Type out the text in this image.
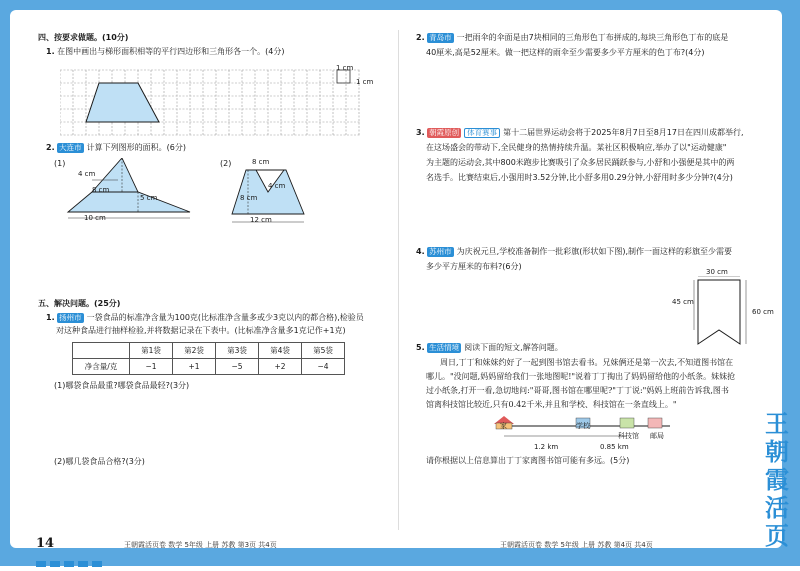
四、按要求做题。(10分)
1. 在图中画出与梯形面积相等的平行四边形和三角形各一个。(4分)
1 cm
1 cm
2. 大连市 计算下列图形的面积。(6分)
(1)
4 cm
8 cm
5 cm
10 cm
(2)	8 cm
4 cm
8 cm
12 cm
五、解决问题。(25分)
1. 扬州市 一袋食品的标准净含量为100克(比标准净含量多或少3克以内的都合格),检验员
对这种食品进行抽样检验,并将数据记录在下表中。(比标准净含量多1克记作+1克)
	第1袋	第2袋	第3袋	第4袋	第5袋
净含量/克	−1	+1	−5	+2	−4
(1)哪袋食品最重?哪袋食品最轻?(3分)
(2)哪几袋食品合格?(3分)
14	王朝霞活页卷 数学 5年级 上册 苏教 第3页 共4页
2. 青岛市 一把雨伞的伞面是由7块相同的三角形色丁布拼成的,每块三角形色丁布的底是
40厘米,高是52厘米。做一把这样的雨伞至少需要多少平方厘米的色丁布?(4分)
3. 朝霞原创 体育赛事 第十二届世界运动会将于2025年8月7日至8月17日在四川成都举行,
在这场盛会的带动下,全民健身的热情持续升温。某社区积极响应,举办了以"运动健康"
为主题的运动会,其中800米跑步比赛吸引了众多居民踊跃参与,小舒和小强便是其中的两
名选手。比赛结束后,小强用时3.52分钟,比小舒多用0.29分钟,小舒用时多少分钟?(4分)
4. 苏州市 为庆祝元旦,学校准备制作一批彩旗(形状如下图),制作一面这样的彩旗至少需要
多少平方厘米的布料?(6分)
30 cm
45 cm
60 cm
5. 生活情境 阅读下面的短文,解答问题。
周日,丁丁和妹妹约好了一起到图书馆去看书。兄妹俩还是第一次去,不知道图书馆在
哪儿。"没问题,妈妈留给我们一张地图呢!"说着丁丁掏出了妈妈留给他的小纸条。妹妹抢
过小纸条,打开一看,急切地问:"哥哥,图书馆在哪里呢?"丁丁说:"妈妈上班前告诉我,图书
馆离科技馆比较近,只有0.42千米,并且和学校、科技馆在一条直线上。"
家	学校
科技馆 邮局
1.2 km	0.85 km
请你根据以上信息算出丁丁家离图书馆可能有多远。(5分)
王朝霞活页卷 数学 5年级 上册 苏教 第4页 共4页
王朝霞活页
